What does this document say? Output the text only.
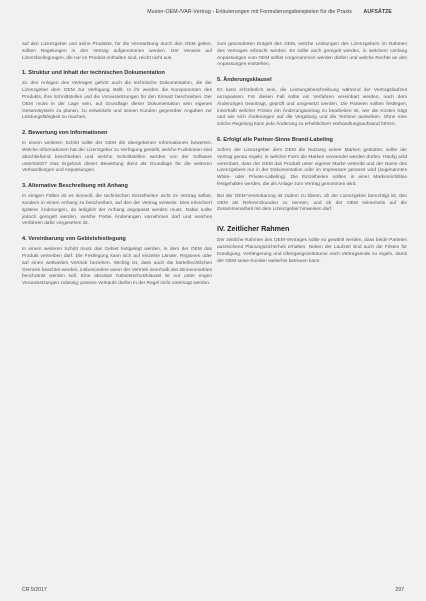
Muster-OEM-/VAR-Vertrag - Erläuterungen mit Formulierungsbeispielen für die Praxis AUFSÄTZE

auf den Lizenzgeber und seine Produkte, für die Vermarktung durch den OEM gelten, sollten Regelungen in den Vertrag aufgenommen werden. Der Verweis auf Lizenzbedingungen, die nur im Produkt enthalten sind, reicht nicht aus.

1. Struktur und Inhalt der technischen Dokumentation

Zu den Anlagen des Vertrages gehört auch die technische Dokumentation, die der Lizenzgeber dem OEM zur Verfügung stellt. In ihr werden die Komponenten des Produkts, ihre Schnittstellen und die Voraussetzungen für den Einsatz beschrieben. Der OEM muss in der Lage sein, auf Grundlage dieser Dokumentation sein eigenes Gesamtsystem zu planen, zu entwickeln und seinen Kunden gegenüber Angaben zur Leistungsfähigkeit zu machen.

2. Bewertung von Informationen

In einem weiteren Schritt sollte der OEM die übergebenen Informationen bewerten. Welche Informationen hat der Lizenzgeber zu Verfügung gestellt, welche Funktionen sind abschließend beschrieben und welche Schnittstellen werden von der Software unterstützt? Das Ergebnis dieser Bewertung dient als Grundlage für die weiteren Verhandlungen und Anpassungen.

3. Alternative Beschreibung mit Anhang

In einigen Fällen ist es sinnvoll, die technischen Einzelheiten nicht im Vertrag selbst, sondern in einem Anhang zu beschreiben, auf den der Vertrag verweist. Dies erleichtert spätere Änderungen, da lediglich der Anhang angepasst werden muss. Dabei sollte jedoch geregelt werden, welche Partei Änderungen vornehmen darf und welches Verfahren dafür vorgesehen ist.

4. Vereinbarung von Gebietsfestlegung

In einem weiteren Schritt muss das Gebiet festgelegt werden, in dem der OEM das Produkt vertreiben darf. Die Festlegung kann sich auf einzelne Länder, Regionen oder auf einen weltweiten Vertrieb beziehen. Wichtig ist, dass auch die kartellrechtlichen Grenzen beachtet werden, insbesondere wenn der Vertrieb innerhalb des Binnenmarktes beschränkt werden soll. Eine absolute Gebietsschutzklausel ist nur unter engen Voraussetzungen zulässig; passive Verkäufe dürfen in der Regel nicht untersagt werden.

zum gesonderten Entgelt des OEM, welche Leistungen des Lizenzgebers im Rahmen des Vertrages erbracht werden. Es sollte auch geregelt werden, in welchem Umfang Anpassungen vom OEM selbst vorgenommen werden dürfen und welche Rechte an den Anpassungen entstehen.

5. Änderungsklausel

Es kann erforderlich sein, die Leistungsbeschreibung während der Vertragslaufzeit anzupassen. Für diesen Fall sollte ein Verfahren vereinbart werden, nach dem Änderungen beantragt, geprüft und umgesetzt werden. Die Parteien sollten festlegen, innerhalb welcher Fristen ein Änderungsantrag zu bearbeiten ist, wer die Kosten trägt und wie sich Änderungen auf die Vergütung und die Termine auswirken. Ohne eine solche Regelung kann jede Änderung zu erheblichem Verhandlungsaufwand führen.

6. Erfolgt alle Partner-Sinne Brand-Labeling

Sofern der Lizenzgeber dem OEM die Nutzung seiner Marken gestattet, sollte der Vertrag genau regeln, in welcher Form die Marken verwendet werden dürfen. Häufig wird vereinbart, dass der OEM das Produkt unter eigener Marke vertreibt und der Name des Lizenzgebers nur in der Dokumentation oder im Impressum genannt wird (sogenanntes White- oder Private-Labeling). Die Einzelheiten sollten in einer Markenrichtlinie festgehalten werden, die als Anlage zum Vertrag genommen wird.

Bei der OEM-Vereinbarung ist zudem zu klären, ob der Lizenzgeber berechtigt ist, den OEM als Referenzkunden zu nennen, und ob der OEM seinerseits auf die Zusammenarbeit mit dem Lizenzgeber hinweisen darf.

IV. Zeitlicher Rahmen

Der zeitliche Rahmen des OEM-Vertrages sollte so gewählt werden, dass beide Parteien ausreichend Planungssicherheit erhalten. Neben der Laufzeit sind auch die Fristen für Kündigung, Verlängerung und Übergangszeiträume nach Vertragsende zu regeln, damit der OEM seine Kunden weiterhin betreuen kann.

CR 5/2017	297
